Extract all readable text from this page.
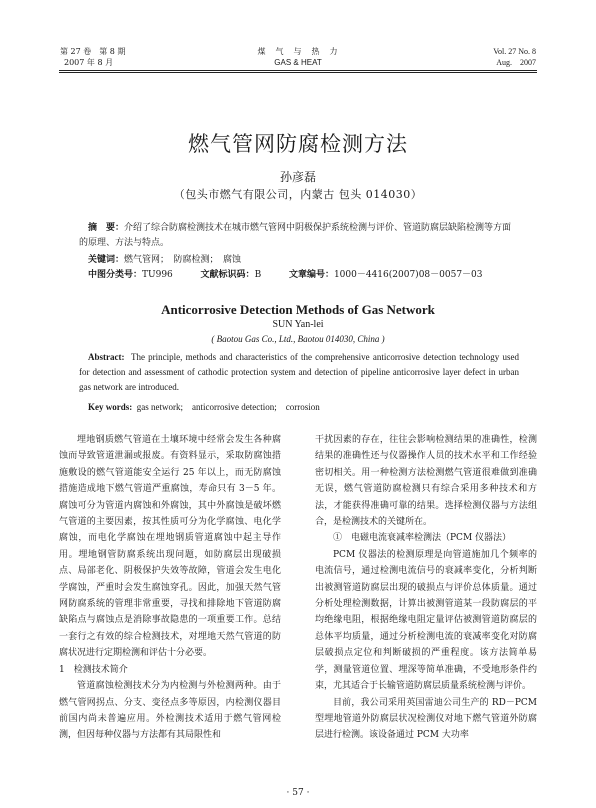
第 27 卷　第 8 期
2007 年 8 月
煤　气　与　热　力
GAS & HEAT
Vol. 27 No. 8
Aug.　2007
燃气管网防腐检测方法
孙彦磊
（包头市燃气有限公司，内蒙古 包头 014030）
摘　要：介绍了综合防腐检测技术在城市燃气管网中阴极保护系统检测与评价、管道防腐层缺陷检测等方面的原理、方法与特点。
关键词：燃气管网；　防腐检测；　腐蚀
中图分类号：TU996	文献标识码：B	文章编号：1000－4416(2007)08－0057－03
Anticorrosive Detection Methods of Gas Network
SUN Yan-lei
( Baotou Gas Co., Ltd., Baotou 014030, China )
Abstract: The principle, methods and characteristics of the comprehensive anticorrosive detection technology used for detection and assessment of cathodic protection system and detection of pipeline anticorrosive layer defect in urban gas network are introduced.
Key words: gas network;　anticorrosive detection;　corrosion

埋地钢质燃气管道在土壤环境中经常会发生各种腐蚀而导致管道泄漏或报废。有资料显示，采取防腐蚀措施敷设的燃气管道能安全运行 25 年以上，而无防腐蚀措施造成地下燃气管道严重腐蚀，寿命只有 3－5 年。腐蚀可分为管道内腐蚀和外腐蚀，其中外腐蚀是破坏燃气管道的主要因素，按其性质可分为化学腐蚀、电化学腐蚀，而电化学腐蚀在埋地钢质管道腐蚀中起主导作用。埋地钢管防腐系统出现问题，如防腐层出现破损点、局部老化、阴极保护失效等故障，管道会发生电化学腐蚀，严重时会发生腐蚀穿孔。因此，加强天然气管网防腐系统的管理非常重要，寻找和排除地下管道防腐缺陷点与腐蚀点是消除事故隐患的一项重要工作。总结一套行之有效的综合检测技术，对埋地天然气管道的防腐状况进行定期检测和评估十分必要。

1　检测技术简介

管道腐蚀检测技术分为内检测与外检测两种。由于燃气管网拐点、分支、变径点多等原因，内检测仪器目前国内尚未普遍应用。外检测技术适用于燃气管网检测，但因每种仪器与方法都有其局限性和

干扰因素的存在，往往会影响检测结果的准确性，检测结果的准确性还与仪器操作人员的技术水平和工作经验密切相关。用一种检测方法检测燃气管道很难做到准确无误，燃气管道防腐检测只有综合采用多种技术和方法，才能获得准确可靠的结果。选择检测仪器与方法组合，是检测技术的关键所在。

①　电磁电流衰减率检测法（PCM 仪器法）

PCM 仪器法的检测原理是向管道施加几个频率的电流信号，通过检测电流信号的衰减率变化，分析判断出被测管道防腐层出现的破损点与评价总体质量。通过分析处理检测数据，计算出被测管道某一段防腐层的平均绝缘电阻，根据绝缘电阻定量评估被测管道防腐层的总体平均质量，通过分析检测电流的衰减率变化对防腐层破损点定位和判断破损的严重程度。该方法简单易学，测量管道位置、埋深等简单准确，不受地形条件约束，尤其适合于长输管道防腐层质量系统检测与评价。

目前，我公司采用英国雷迪公司生产的 RD－PCM 型埋地管道外防腐层状况检测仪对地下燃气管道外防腐层进行检测。该设备通过 PCM 大功率

· 57 ·
